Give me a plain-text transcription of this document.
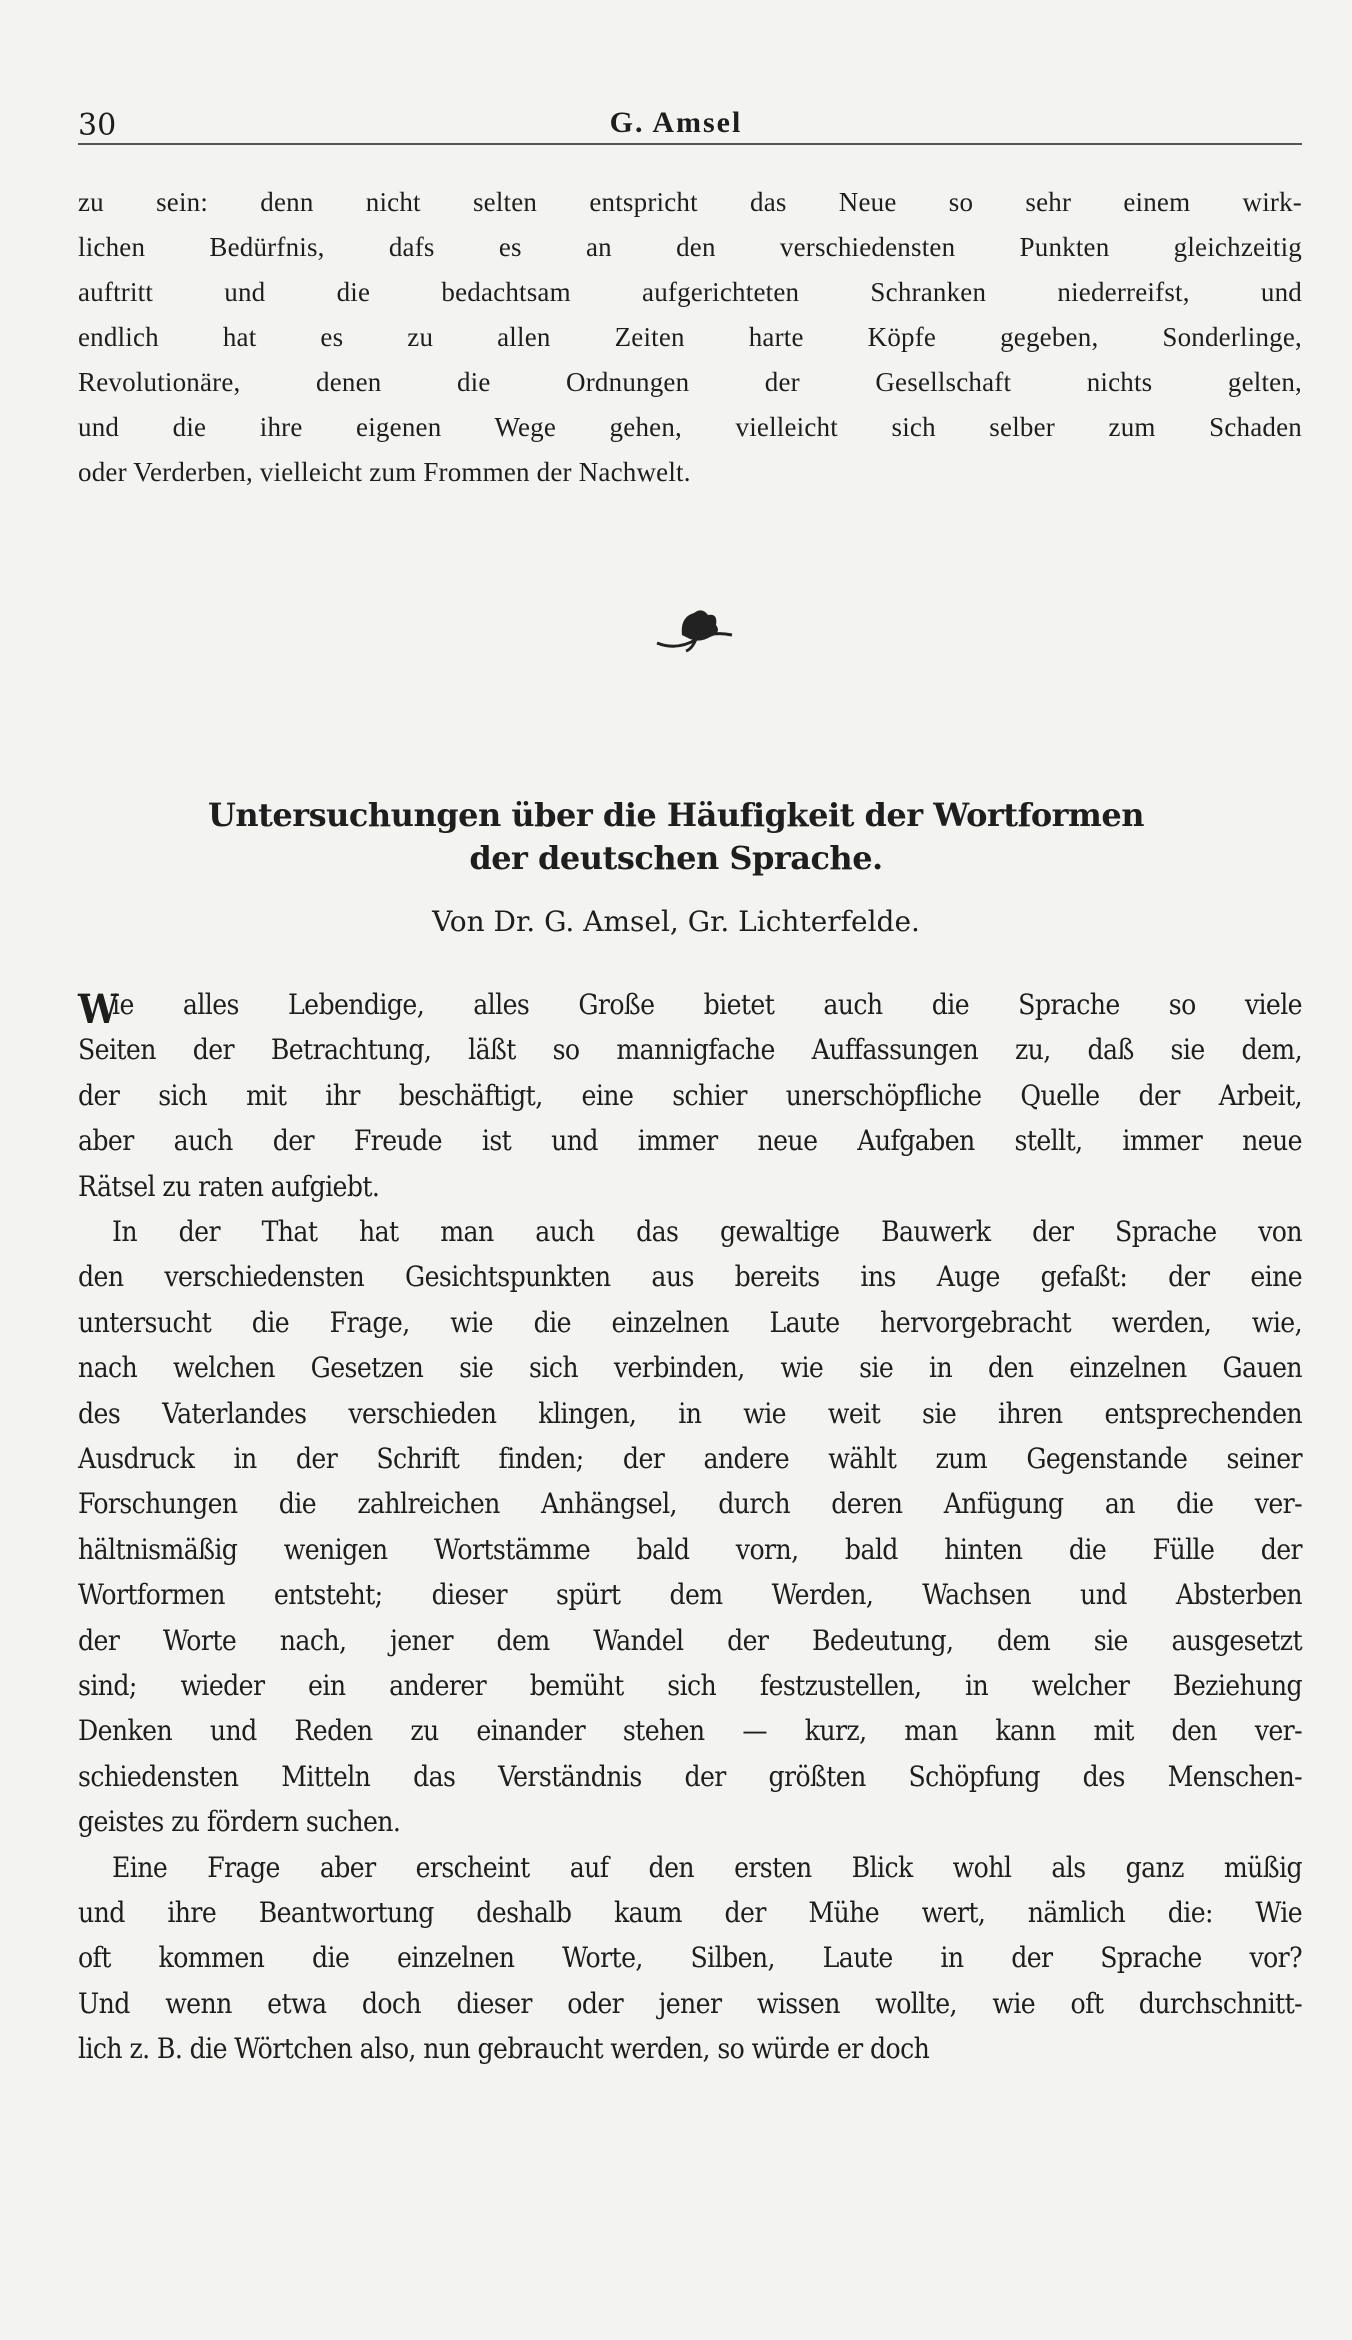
30	G. Amsel
zu sein: denn nicht selten entspricht das Neue so sehr einem wirk-
lichen Bedürfnis, dafs es an den verschiedensten Punkten gleichzeitig
auftritt und die bedachtsam aufgerichteten Schranken niederreifst, und
endlich hat es zu allen Zeiten harte Köpfe gegeben, Sonderlinge,
Revolutionäre, denen die Ordnungen der Gesellschaft nichts gelten,
und die ihre eigenen Wege gehen, vielleicht sich selber zum Schaden
oder Verderben, vielleicht zum Frommen der Nachwelt.
Untersuchungen über die Häufigkeit der Wortformen
der deutschen Sprache.
Von Dr. G. Amsel, Gr. Lichterfelde.
W
ie alles Lebendige, alles Große bietet auch die Sprache so viele
Seiten der Betrachtung, läßt so mannigfache Auffassungen zu, daß sie dem,
der sich mit ihr beschäftigt, eine schier unerschöpfliche Quelle der Arbeit,
aber auch der Freude ist und immer neue Aufgaben stellt, immer neue
Rätsel zu raten aufgiebt.
In der That hat man auch das gewaltige Bauwerk der Sprache von
den verschiedensten Gesichtspunkten aus bereits ins Auge gefaßt: der eine
untersucht die Frage, wie die einzelnen Laute hervorgebracht werden, wie,
nach welchen Gesetzen sie sich verbinden, wie sie in den einzelnen Gauen
des Vaterlandes verschieden klingen, in wie weit sie ihren entsprechenden
Ausdruck in der Schrift finden; der andere wählt zum Gegenstande seiner
Forschungen die zahlreichen Anhängsel, durch deren Anfügung an die ver-
hältnismäßig wenigen Wortstämme bald vorn, bald hinten die Fülle der
Wortformen entsteht; dieser spürt dem Werden, Wachsen und Absterben
der Worte nach, jener dem Wandel der Bedeutung, dem sie ausgesetzt
sind; wieder ein anderer bemüht sich festzustellen, in welcher Beziehung
Denken und Reden zu einander stehen — kurz, man kann mit den ver-
schiedensten Mitteln das Verständnis der größten Schöpfung des Menschen-
geistes zu fördern suchen.
Eine Frage aber erscheint auf den ersten Blick wohl als ganz müßig
und ihre Beantwortung deshalb kaum der Mühe wert, nämlich die: Wie
oft kommen die einzelnen Worte, Silben, Laute in der Sprache vor?
Und wenn etwa doch dieser oder jener wissen wollte, wie oft durchschnitt-
lich z. B. die Wörtchen also, nun gebraucht werden, so würde er doch
